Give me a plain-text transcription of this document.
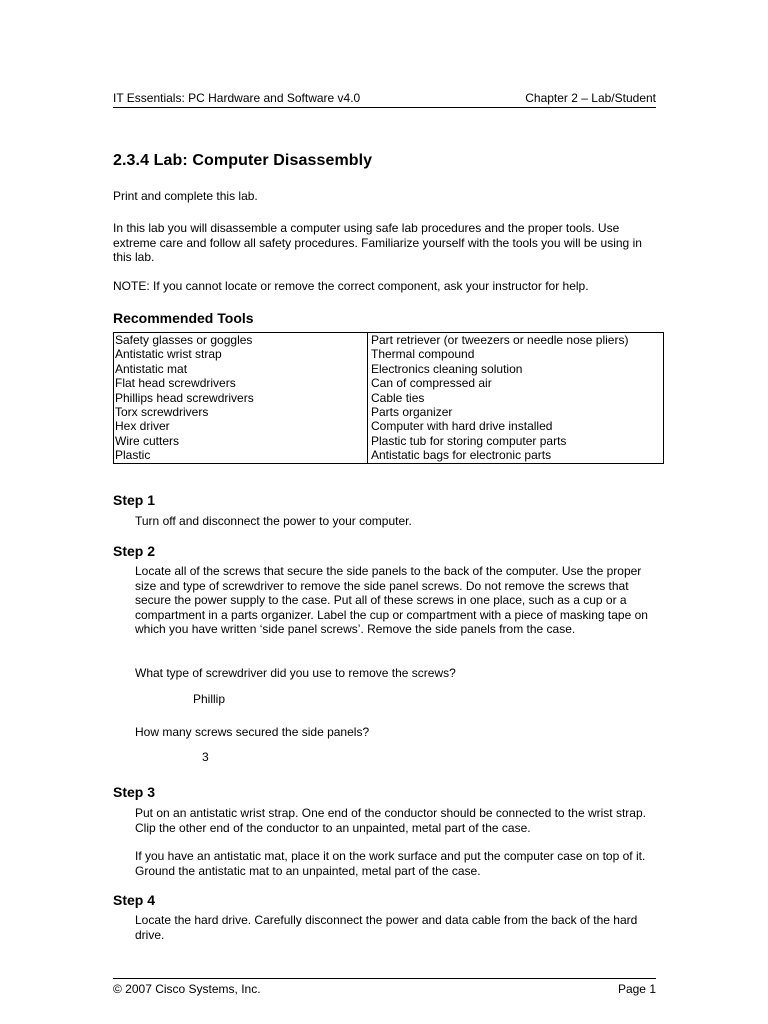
IT Essentials: PC Hardware and Software v4.0	Chapter 2 – Lab/Student
2.3.4 Lab: Computer Disassembly

Print and complete this lab.

In this lab you will disassemble a computer using safe lab procedures and the proper tools. Use extreme care and follow all safety procedures. Familiarize yourself with the tools you will be using in this lab.

NOTE: If you cannot locate or remove the correct component, ask your instructor for help.

Recommended Tools
Safety glasses or goggles
Antistatic wrist strap
Antistatic mat
Flat head screwdrivers
Phillips head screwdrivers
Torx screwdrivers
Hex driver
Wire cutters
Plastic

Part retriever (or tweezers or needle nose pliers)
Thermal compound
Electronics cleaning solution
Can of compressed air
Cable ties
Parts organizer
Computer with hard drive installed
Plastic tub for storing computer parts
Antistatic bags for electronic parts
Step 1

Turn off and disconnect the power to your computer.

Step 2

Locate all of the screws that secure the side panels to the back of the computer. Use the proper size and type of screwdriver to remove the side panel screws. Do not remove the screws that secure the power supply to the case. Put all of these screws in one place, such as a cup or a compartment in a parts organizer. Label the cup or compartment with a piece of masking tape on which you have written ‘side panel screws’. Remove the side panels from the case.

What type of screwdriver did you use to remove the screws?

Phillip

How many screws secured the side panels?

3

Step 3

Put on an antistatic wrist strap. One end of the conductor should be connected to the wrist strap. Clip the other end of the conductor to an unpainted, metal part of the case.

If you have an antistatic mat, place it on the work surface and put the computer case on top of it. Ground the antistatic mat to an unpainted, metal part of the case.

Step 4

Locate the hard drive. Carefully disconnect the power and data cable from the back of the hard drive.

© 2007 Cisco Systems, Inc.	Page 1
